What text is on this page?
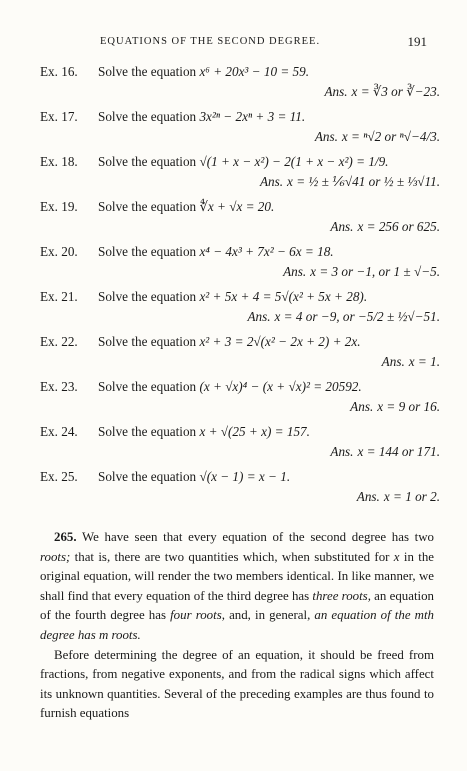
EQUATIONS OF THE SECOND DEGREE.	191
Ex. 16. Solve the equation x⁶ + 20x³ − 10 = 59.
Ans. x = ∛3 or ∛−23.
Ex. 17. Solve the equation 3x²ⁿ − 2xⁿ + 3 = 11.
Ans. x = ⁿ√2 or ⁿ√−4/3.
Ex. 18. Solve the equation √(1 + x − x²) − 2(1 + x − x²) = 1/9.
Ans. x = ½ ± ⅙√41 or ½ ± ⅓√11.
Ex. 19. Solve the equation ∜x + √x = 20.
Ans. x = 256 or 625.
Ex. 20. Solve the equation x⁴ − 4x³ + 7x² − 6x = 18.
Ans. x = 3 or −1, or 1 ± √−5.
Ex. 21. Solve the equation x² + 5x + 4 = 5√(x² + 5x + 28).
Ans. x = 4 or −9, or −5/2 ± ½√−51.
Ex. 22. Solve the equation x² + 3 = 2√(x² − 2x + 2) + 2x.
Ans. x = 1.
Ex. 23. Solve the equation (x + √x)⁴ − (x + √x)² = 20592.
Ans. x = 9 or 16.
Ex. 24. Solve the equation x + √(25 + x) = 157.
Ans. x = 144 or 171.
Ex. 25. Solve the equation √(x − 1) = x − 1.
Ans. x = 1 or 2.

265. We have seen that every equation of the second degree has two roots; that is, there are two quantities which, when substituted for x in the original equation, will render the two members identical. In like manner, we shall find that every equation of the third degree has three roots, an equation of the fourth degree has four roots, and, in general, an equation of the mth degree has m roots.

Before determining the degree of an equation, it should be freed from fractions, from negative exponents, and from the radical signs which affect its unknown quantities. Several of the preceding examples are thus found to furnish equations
